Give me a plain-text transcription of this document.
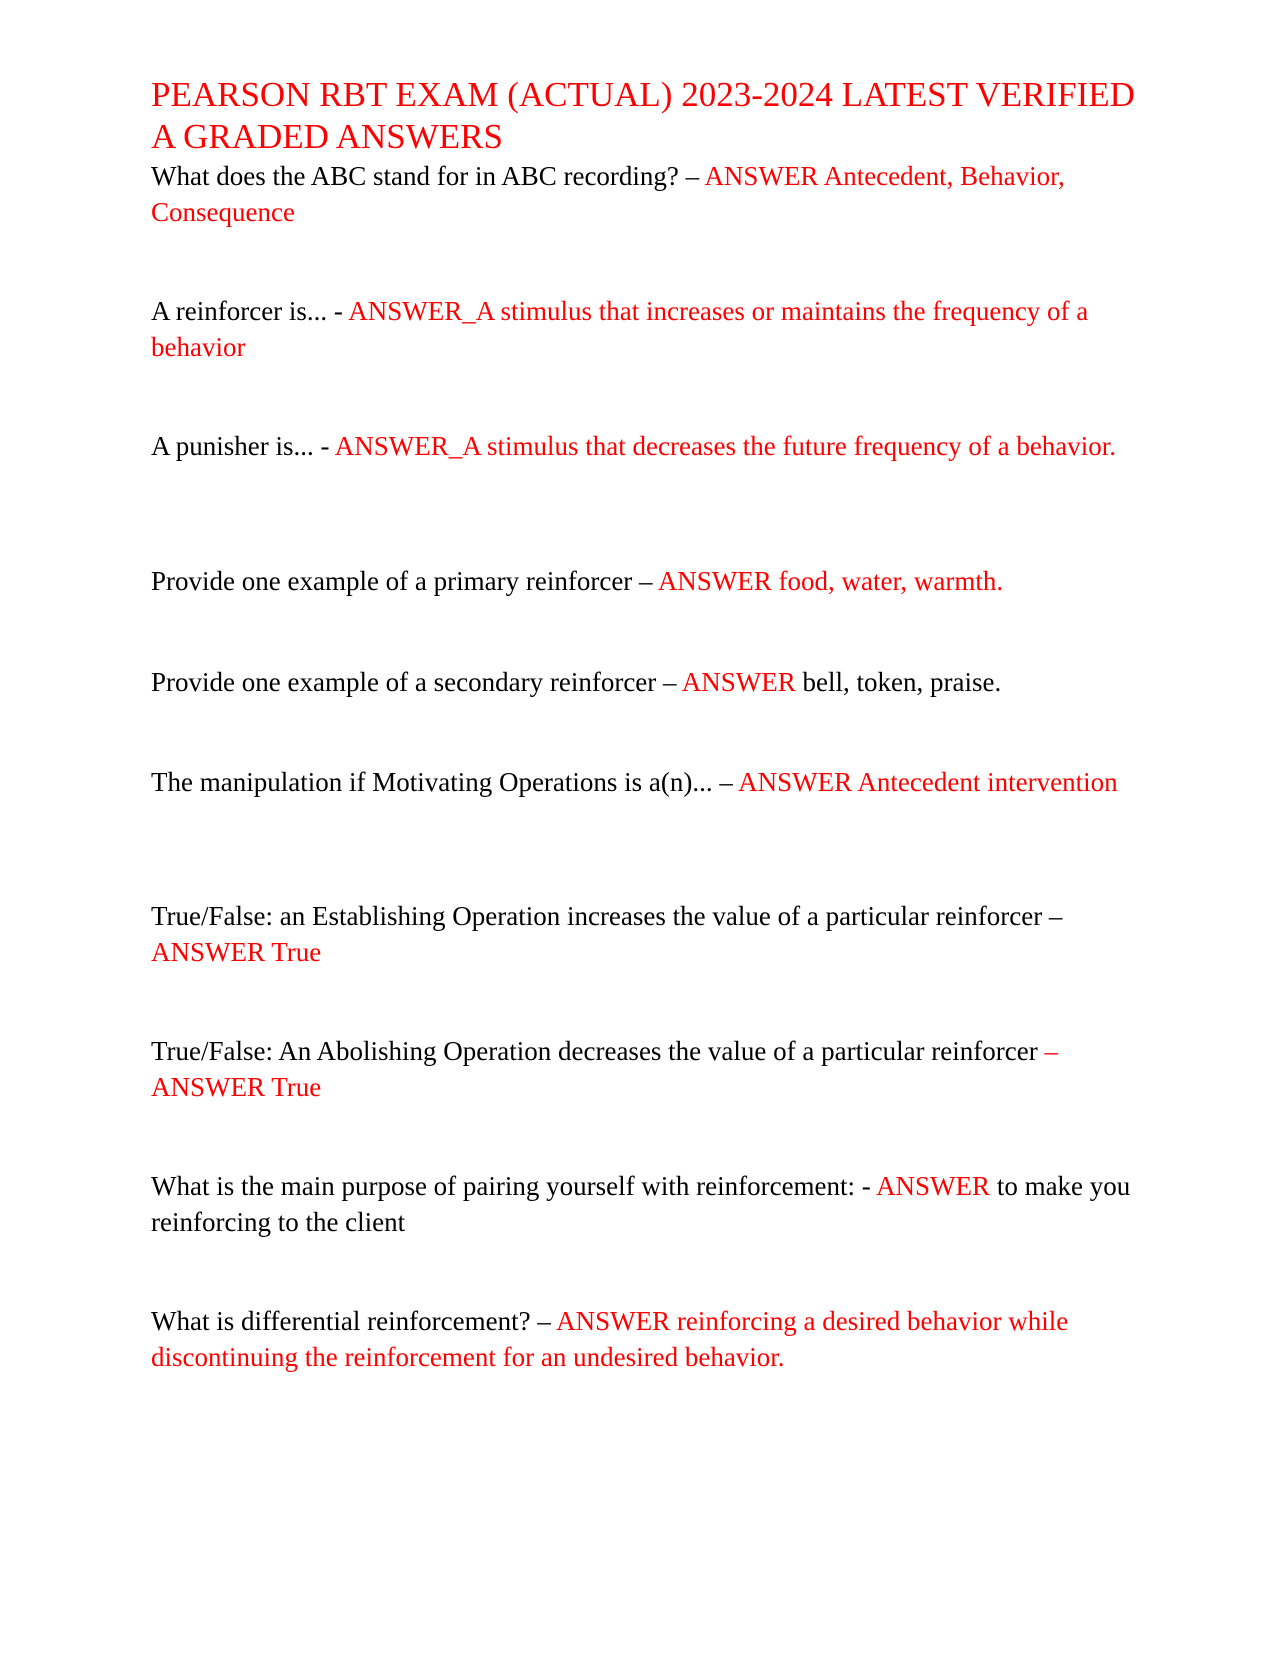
PEARSON RBT EXAM (ACTUAL) 2023-2024 LATEST VERIFIED A GRADED ANSWERS

What does the ABC stand for in ABC recording? – ANSWER Antecedent, Behavior, Consequence

A reinforcer is... - ANSWER_A stimulus that increases or maintains the frequency of a behavior

A punisher is... - ANSWER_A stimulus that decreases the future frequency of a behavior.

Provide one example of a primary reinforcer – ANSWER food, water, warmth.

Provide one example of a secondary reinforcer – ANSWER bell, token, praise.

The manipulation if Motivating Operations is a(n)... – ANSWER Antecedent intervention

True/False: an Establishing Operation increases the value of a particular reinforcer – ANSWER True

True/False: An Abolishing Operation decreases the value of a particular reinforcer – ANSWER True

What is the main purpose of pairing yourself with reinforcement: - ANSWER to make you reinforcing to the client

What is differential reinforcement? – ANSWER reinforcing a desired behavior while discontinuing the reinforcement for an undesired behavior.
